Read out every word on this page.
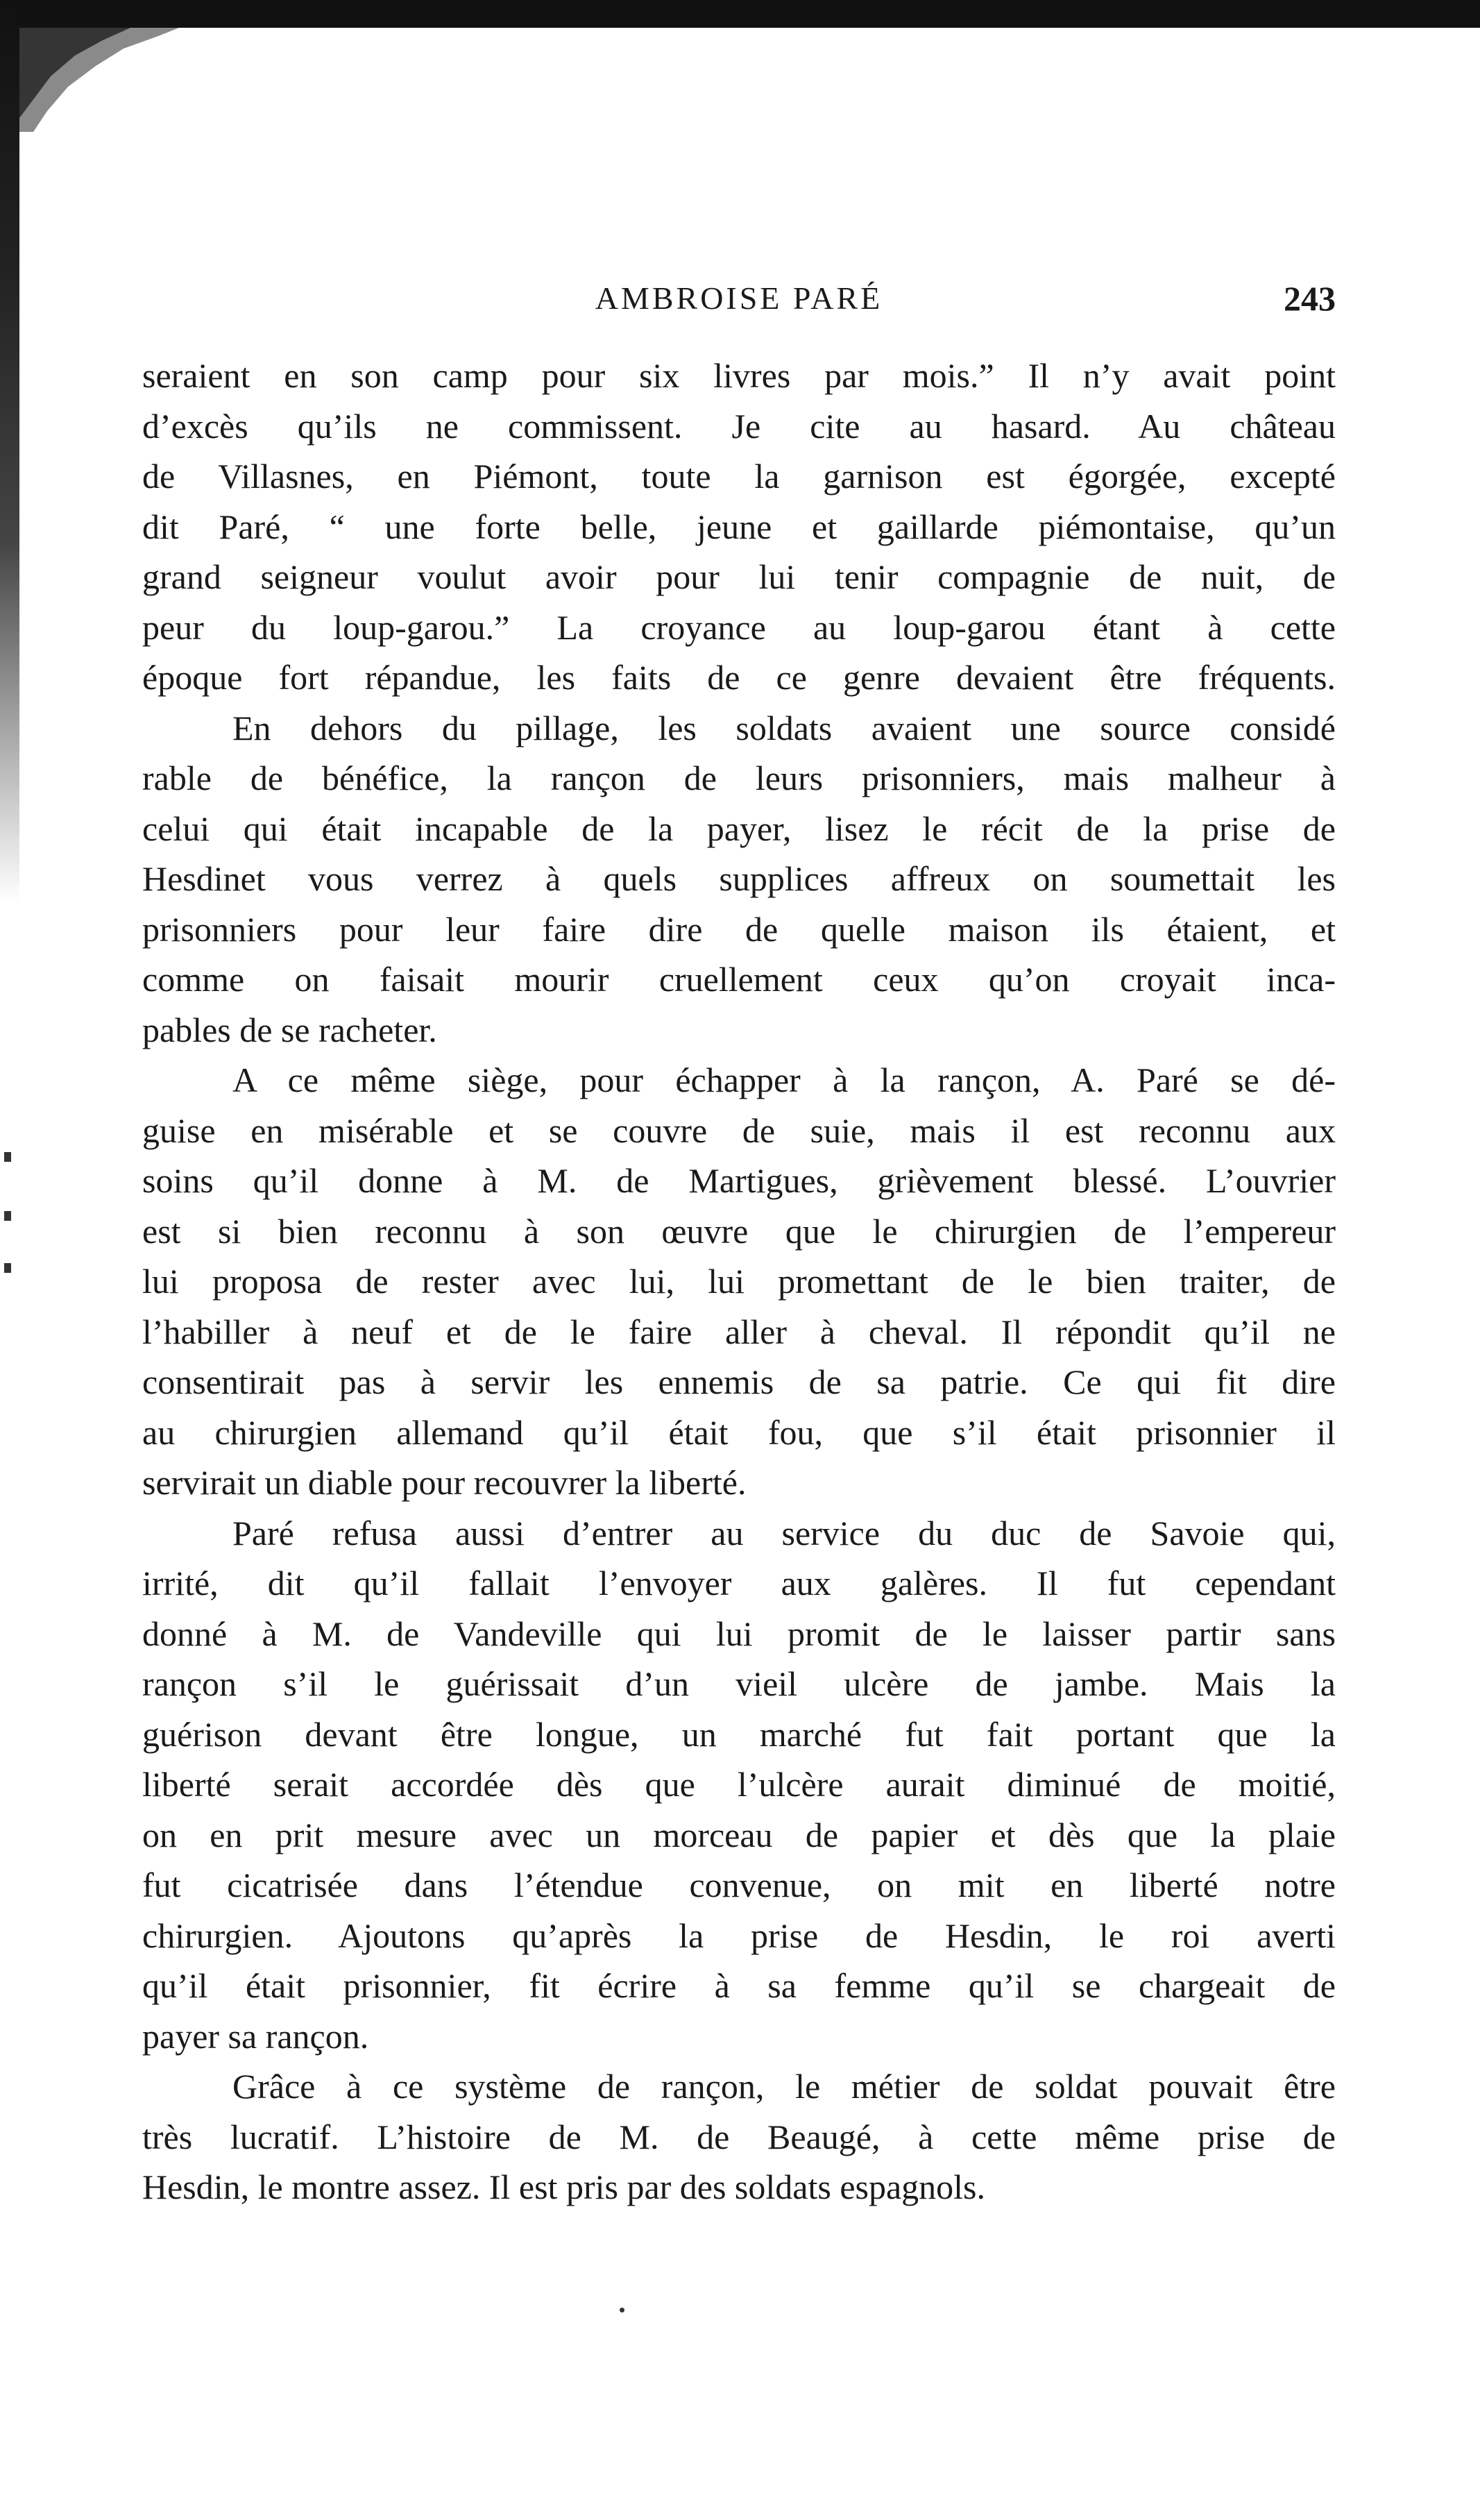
AMBROISE PARÉ	243
seraient en son camp pour six livres par mois.” Il n’y avait point
d’excès qu’ils ne commissent. Je cite au hasard. Au château
de Villasnes, en Piémont, toute la garnison est égorgée, excepté
dit Paré, “ une forte belle, jeune et gaillarde piémontaise, qu’un
grand seigneur voulut avoir pour lui tenir compagnie de nuit, de
peur du loup-garou.” La croyance au loup-garou étant à cette
époque fort répandue, les faits de ce genre devaient être fréquents.
En dehors du pillage, les soldats avaient une source considé
rable de bénéfice, la rançon de leurs prisonniers, mais malheur à
celui qui était incapable de la payer, lisez le récit de la prise de
Hesdinet vous verrez à quels supplices affreux on soumettait les
prisonniers pour leur faire dire de quelle maison ils étaient, et
comme on faisait mourir cruellement ceux qu’on croyait inca-
pables de se racheter.
A ce même siège, pour échapper à la rançon, A. Paré se dé-
guise en misérable et se couvre de suie, mais il est reconnu aux
soins qu’il donne à M. de Martigues, grièvement blessé. L’ouvrier
est si bien reconnu à son œuvre que le chirurgien de l’empereur
lui proposa de rester avec lui, lui promettant de le bien traiter, de
l’habiller à neuf et de le faire aller à cheval. Il répondit qu’il ne
consentirait pas à servir les ennemis de sa patrie. Ce qui fit dire
au chirurgien allemand qu’il était fou, que s’il était prisonnier il
servirait un diable pour recouvrer la liberté.
Paré refusa aussi d’entrer au service du duc de Savoie qui,
irrité, dit qu’il fallait l’envoyer aux galères. Il fut cependant
donné à M. de Vandeville qui lui promit de le laisser partir sans
rançon s’il le guérissait d’un vieil ulcère de jambe. Mais la
guérison devant être longue, un marché fut fait portant que la
liberté serait accordée dès que l’ulcère aurait diminué de moitié,
on en prit mesure avec un morceau de papier et dès que la plaie
fut cicatrisée dans l’étendue convenue, on mit en liberté notre
chirurgien. Ajoutons qu’après la prise de Hesdin, le roi averti
qu’il était prisonnier, fit écrire à sa femme qu’il se chargeait de
payer sa rançon.
Grâce à ce système de rançon, le métier de soldat pouvait être
très lucratif. L’histoire de M. de Beaugé, à cette même prise de
Hesdin, le montre assez. Il est pris par des soldats espagnols.
